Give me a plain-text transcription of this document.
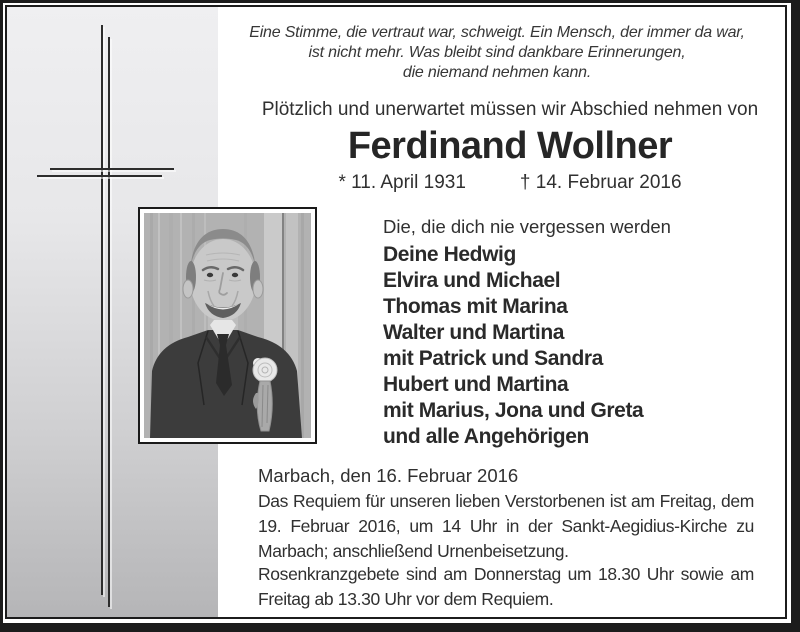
Eine Stimme, die vertraut war, schweigt. Ein Mensch, der immer da war,
ist nicht mehr. Was bleibt sind dankbare Erinnerungen,
die niemand nehmen kann.
Plötzlich und unerwartet müssen wir Abschied nehmen von
Ferdinand Wollner
* 11. April 1931	† 14. Februar 2016
Die, die dich nie vergessen werden
Deine Hedwig
Elvira und Michael
Thomas mit Marina
Walter und Martina
mit Patrick und Sandra
Hubert und Martina
mit Marius, Jona und Greta
und alle Angehörigen
Marbach, den 16. Februar 2016
Das Requiem für unseren lieben Verstorbenen ist am Freitag, dem
19. Februar 2016, um 14 Uhr in der Sankt-Aegidius-Kirche zu
Marbach; anschließend Urnenbeisetzung.
Rosenkranzgebete sind am Donnerstag um 18.30 Uhr sowie am
Freitag ab 13.30 Uhr vor dem Requiem.
